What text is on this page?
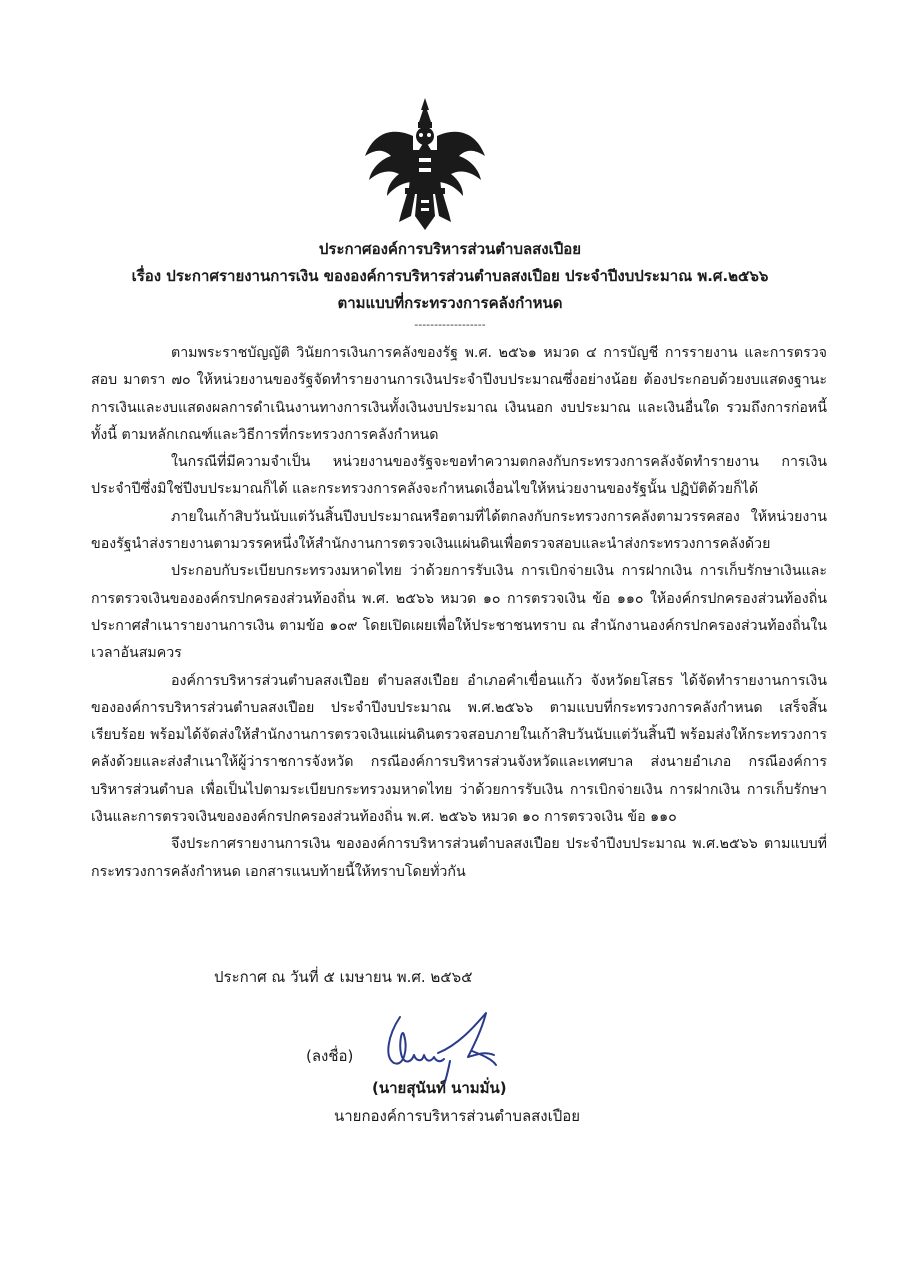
ประกาศองค์การบริหารส่วนตำบลสงเปือย
เรื่อง ประกาศรายงานการเงิน ขององค์การบริหารส่วนตำบลสงเปือย ประจำปีงบประมาณ พ.ศ.๒๕๖๖
ตามแบบที่กระทรวงการคลังกำหนด
------------------

ตามพระราชบัญญัติ วินัยการเงินการคลังของรัฐ พ.ศ. ๒๕๖๑ หมวด ๔ การบัญชี การรายงาน และการตรวจสอบ มาตรา ๗๐ ให้หน่วยงานของรัฐจัดทำรายงานการเงินประจำปีงบประมาณซึ่งอย่างน้อย ต้องประกอบด้วยงบแสดงฐานะการเงินและงบแสดงผลการดำเนินงานทางการเงินทั้งเงินงบประมาณ เงินนอก งบประมาณ และเงินอื่นใด รวมถึงการก่อหนี้ ทั้งนี้ ตามหลักเกณฑ์และวิธีการที่กระทรวงการคลังกำหนด

ในกรณีที่มีความจำเป็น หน่วยงานของรัฐจะขอทำความตกลงกับกระทรวงการคลังจัดทำรายงาน การเงินประจำปีซึ่งมิใช่ปีงบประมาณก็ได้ และกระทรวงการคลังจะกำหนดเงื่อนไขให้หน่วยงานของรัฐนั้น ปฏิบัติด้วยก็ได้

ภายในเก้าสิบวันนับแต่วันสิ้นปีงบประมาณหรือตามที่ได้ตกลงกับกระทรวงการคลังตามวรรคสอง ให้หน่วยงานของรัฐนำส่งรายงานตามวรรคหนึ่งให้สำนักงานการตรวจเงินแผ่นดินเพื่อตรวจสอบและนำส่งกระทรวงการคลังด้วย

ประกอบกับระเบียบกระทรวงมหาดไทย ว่าด้วยการรับเงิน การเบิกจ่ายเงิน การฝากเงิน การเก็บรักษาเงินและการตรวจเงินขององค์กรปกครองส่วนท้องถิ่น พ.ศ. ๒๕๖๖ หมวด ๑๐ การตรวจเงิน ข้อ ๑๑๐ ให้องค์กรปกครองส่วนท้องถิ่นประกาศสำเนารายงานการเงิน ตามข้อ ๑๐๙ โดยเปิดเผยเพื่อให้ประชาชนทราบ ณ สำนักงานองค์กรปกครองส่วนท้องถิ่นในเวลาอันสมควร

องค์การบริหารส่วนตำบลสงเปือย ตำบลสงเปือย อำเภอคำเขื่อนแก้ว จังหวัดยโสธร ได้จัดทำรายงานการเงิน ขององค์การบริหารส่วนตำบลสงเปือย ประจำปีงบประมาณ พ.ศ.๒๕๖๖ ตามแบบที่กระทรวงการคลังกำหนด เสร็จสิ้นเรียบร้อย พร้อมได้จัดส่งให้สำนักงานการตรวจเงินแผ่นดินตรวจสอบภายในเก้าสิบวันนับแต่วันสิ้นปี พร้อมส่งให้กระทรวงการคลังด้วยและส่งสำเนาให้ผู้ว่าราชการจังหวัด กรณีองค์การบริหารส่วนจังหวัดและเทศบาล ส่งนายอำเภอ กรณีองค์การบริหารส่วนตำบล เพื่อเป็นไปตามระเบียบกระทรวงมหาดไทย ว่าด้วยการรับเงิน การเบิกจ่ายเงิน การฝากเงิน การเก็บรักษาเงินและการตรวจเงินขององค์กรปกครองส่วนท้องถิ่น พ.ศ. ๒๕๖๖ หมวด ๑๐ การตรวจเงิน ข้อ ๑๑๐

จึงประกาศรายงานการเงิน ขององค์การบริหารส่วนตำบลสงเปือย ประจำปีงบประมาณ พ.ศ.๒๕๖๖ ตามแบบที่กระทรวงการคลังกำหนด เอกสารแนบท้ายนี้ให้ทราบโดยทั่วกัน

ประกาศ ณ วันที่ ๕ เมษายน พ.ศ. ๒๕๖๕
(ลงชื่อ)
(นายสุนันท์ นามมั่น)
นายกองค์การบริหารส่วนตำบลสงเปือย
